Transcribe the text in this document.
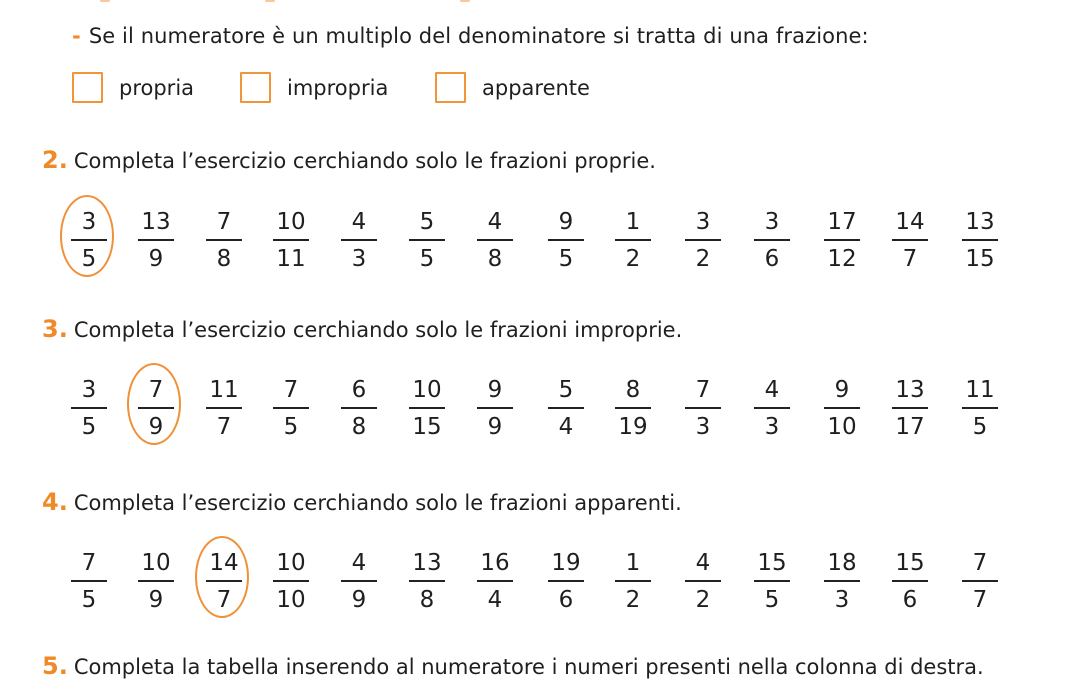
- Se il numeratore è un multiplo del denominatore si tratta di una frazione:
propria	impropria	apparente
2. Completa l’esercizio cerchiando solo le frazioni proprie.
3
5
13
9
7
8
10
11
4
3
5
5
4
8
9
5
1
2
3
2
3
6
17
12
14
7
13
15
3. Completa l’esercizio cerchiando solo le frazioni improprie.
3
5
7
9
11
7
7
5
6
8
10
15
9
9
5
4
8
19
7
3
4
3
9
10
13
17
11
5
4. Completa l’esercizio cerchiando solo le frazioni apparenti.
7
5
10
9
14
7
10
10
4
9
13
8
16
4
19
6
1
2
4
2
15
5
18
3
15
6
7
7
5. Completa la tabella inserendo al numeratore i numeri presenti nella colonna di destra.
